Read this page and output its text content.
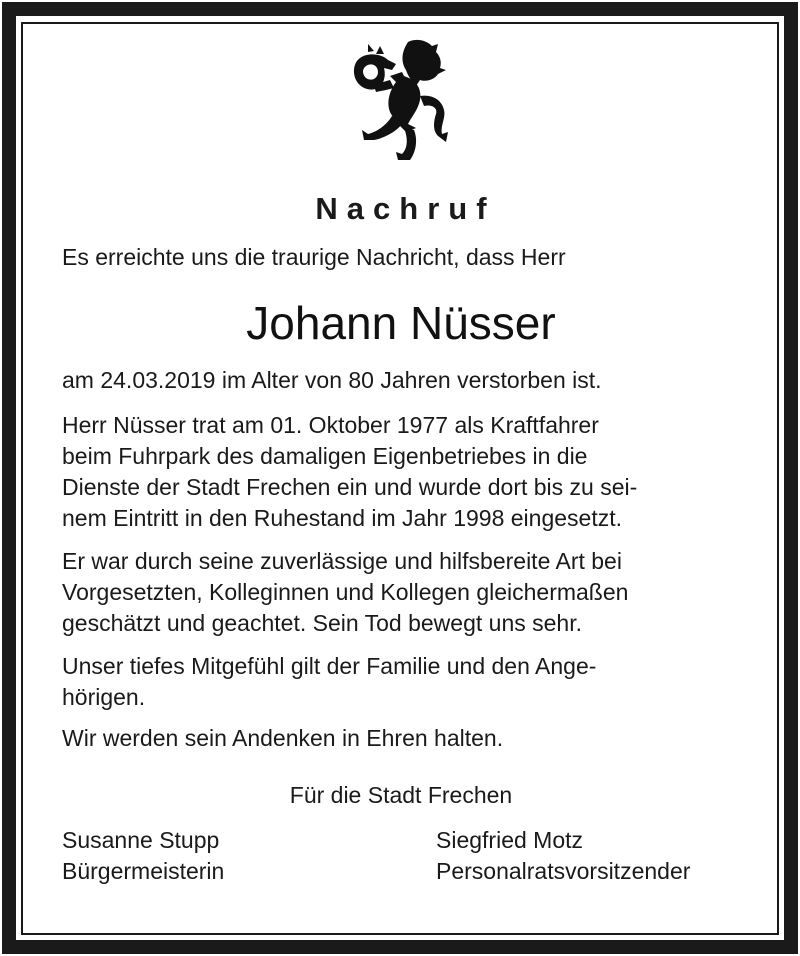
Nachruf
Es erreichte uns die traurige Nachricht, dass Herr
Johann Nüsser
am 24.03.2019 im Alter von 80 Jahren verstorben ist.
Herr Nüsser trat am 01. Oktober 1977 als Kraftfahrer
beim Fuhrpark des damaligen Eigenbetriebes in die
Dienste der Stadt Frechen ein und wurde dort bis zu sei-
nem Eintritt in den Ruhestand im Jahr 1998 eingesetzt.
Er war durch seine zuverlässige und hilfsbereite Art bei
Vorgesetzten, Kolleginnen und Kollegen gleichermaßen
geschätzt und geachtet. Sein Tod bewegt uns sehr.
Unser tiefes Mitgefühl gilt der Familie und den Ange-
hörigen.
Wir werden sein Andenken in Ehren halten.
Für die Stadt Frechen
Susanne Stupp
Bürgermeisterin
Siegfried Motz
Personalratsvorsitzender
